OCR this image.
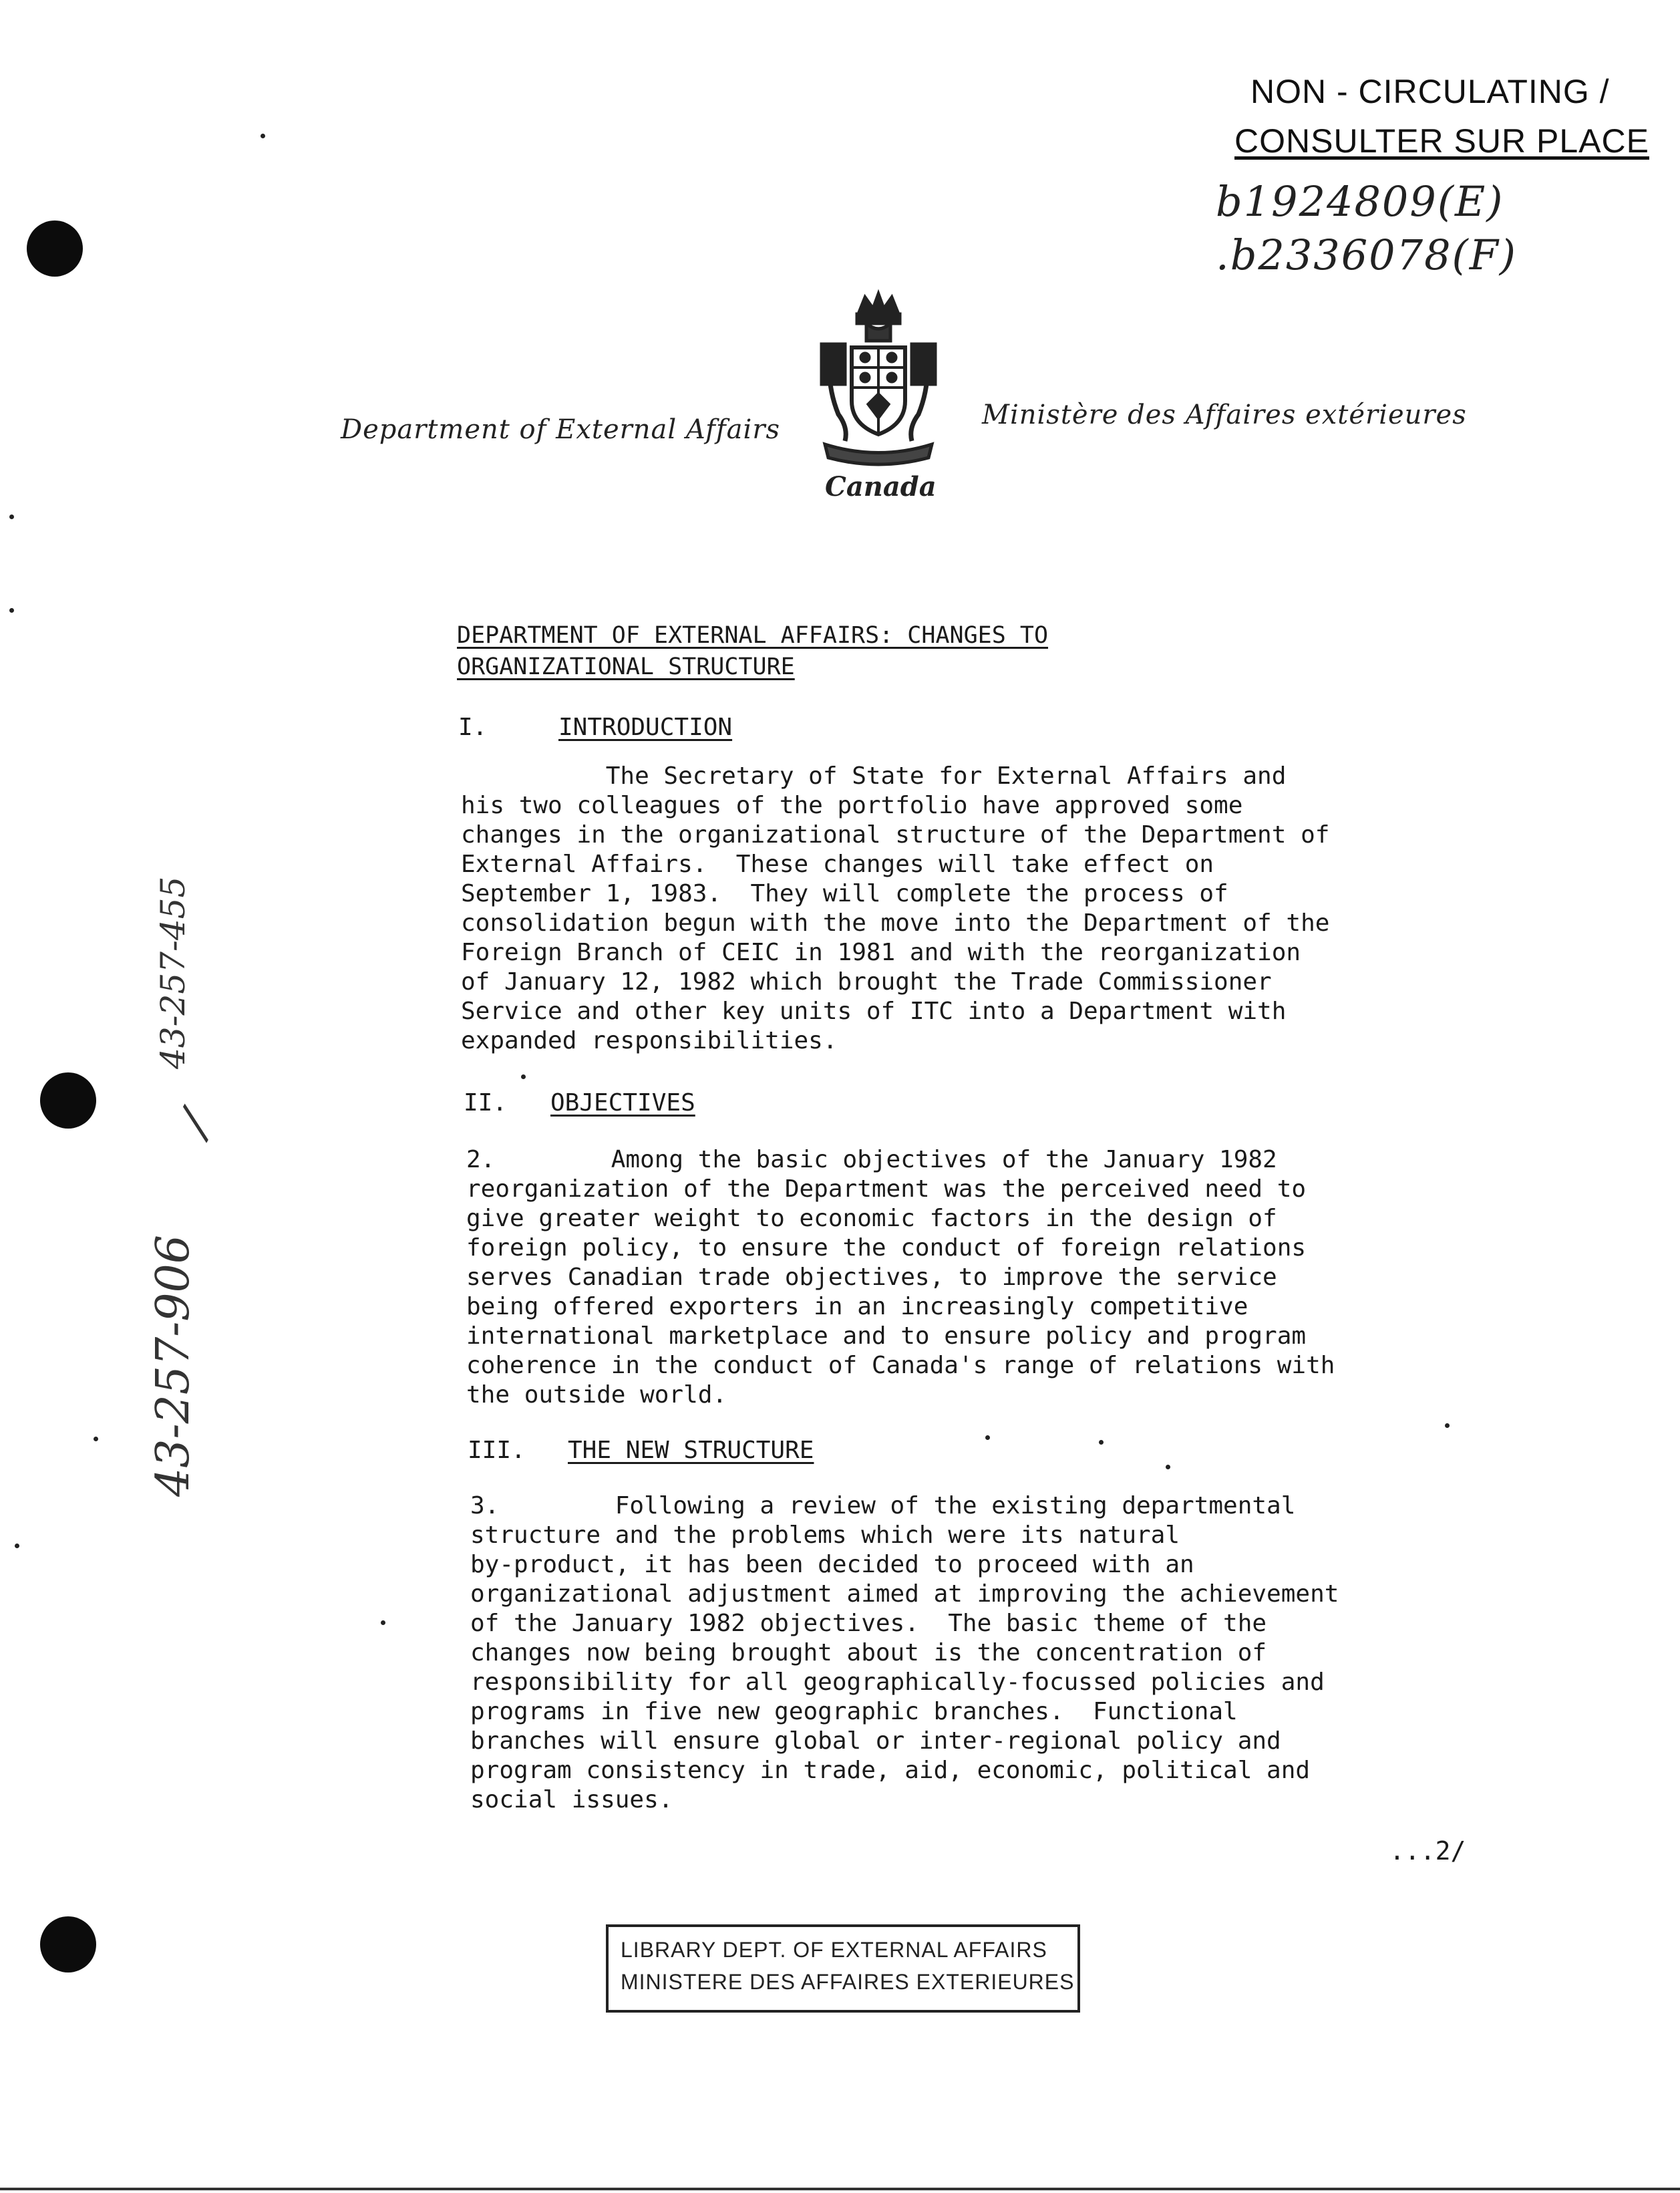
NON - CIRCULATING /
CONSULTER SUR PLACE
b1924809(E)
.b2336078(F)
Department of External Affairs	Ministère des Affaires extérieures
Canada
43-257-455
/
43-257-906
DEPARTMENT OF EXTERNAL AFFAIRS: CHANGES TO
ORGANIZATIONAL STRUCTURE
I.	INTRODUCTION
The Secretary of State for External Affairs and
his two colleagues of the portfolio have approved some
changes in the organizational structure of the Department of
External Affairs.  These changes will take effect on
September 1, 1983.  They will complete the process of
consolidation begun with the move into the Department of the
Foreign Branch of CEIC in 1981 and with the reorganization
of January 12, 1982 which brought the Trade Commissioner
Service and other key units of ITC into a Department with
expanded responsibilities.
II. OBJECTIVES
2.        Among the basic objectives of the January 1982
reorganization of the Department was the perceived need to
give greater weight to economic factors in the design of
foreign policy, to ensure the conduct of foreign relations
serves Canadian trade objectives, to improve the service
being offered exporters in an increasingly competitive
international marketplace and to ensure policy and program
coherence in the conduct of Canada's range of relations with
the outside world.
III. THE NEW STRUCTURE
3.        Following a review of the existing departmental
structure and the problems which were its natural
by-product, it has been decided to proceed with an
organizational adjustment aimed at improving the achievement
of the January 1982 objectives.  The basic theme of the
changes now being brought about is the concentration of
responsibility for all geographically-focussed policies and
programs in five new geographic branches.  Functional
branches will ensure global or inter-regional policy and
program consistency in trade, aid, economic, political and
social issues.
...2/
LIBRARY DEPT. OF EXTERNAL AFFAIRS
MINISTERE DES AFFAIRES EXTERIEURES
